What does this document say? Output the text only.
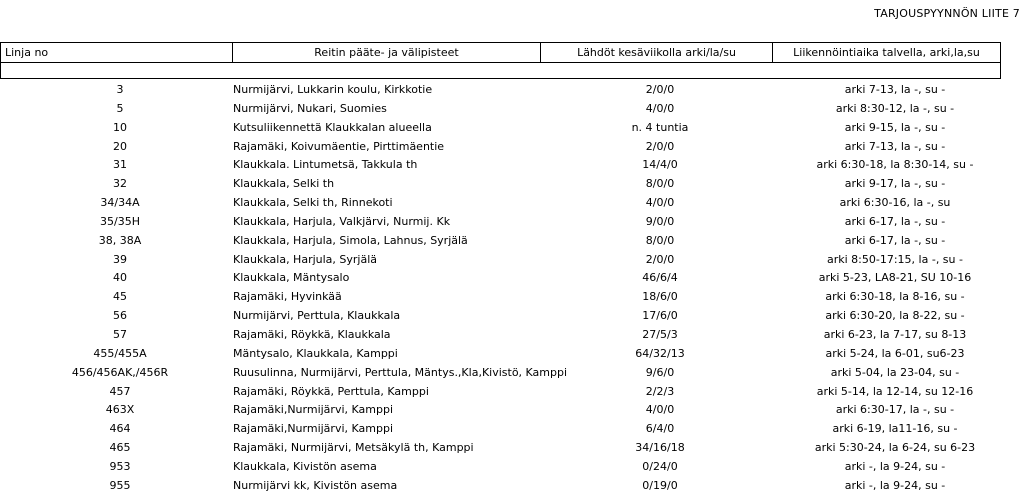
TARJOUSPYYNNÖN LIITE 7
Linja no	Reitin pääte- ja välipisteet	Lähdöt kesäviikolla arki/la/su	Liikennöintiaika talvella, arki,la,su

3	Nurmijärvi, Lukkarin koulu, Kirkkotie	2/0/0	arki 7-13, la -, su -
5	Nurmijärvi, Nukari, Suomies	4/0/0	arki 8:30-12, la -, su -
10	Kutsuliikennettä Klaukkalan alueella	n. 4 tuntia	arki 9-15, la -, su -
20	Rajamäki, Koivumäentie, Pirttimäentie	2/0/0	arki 7-13, la -, su -
31	Klaukkala. Lintumetsä, Takkula th	14/4/0	arki 6:30-18, la 8:30-14, su -
32	Klaukkala, Selki th	8/0/0	arki 9-17, la -, su -
34/34A	Klaukkala, Selki th, Rinnekoti	4/0/0	arki 6:30-16, la -, su
35/35H	Klaukkala, Harjula, Valkjärvi, Nurmij. Kk	9/0/0	arki 6-17, la -, su -
38, 38A	Klaukkala, Harjula, Simola, Lahnus, Syrjälä	8/0/0	arki 6-17, la -, su -
39	Klaukkala, Harjula, Syrjälä	2/0/0	arki 8:50-17:15, la -, su -
40	Klaukkala, Mäntysalo	46/6/4	arki 5-23, LA8-21, SU 10-16
45	Rajamäki, Hyvinkää	18/6/0	arki 6:30-18, la 8-16, su -
56	Nurmijärvi, Perttula, Klaukkala	17/6/0	arki 6:30-20, la 8-22, su -
57	Rajamäki, Röykkä, Klaukkala	27/5/3	arki 6-23, la 7-17, su 8-13
455/455A	Mäntysalo, Klaukkala, Kamppi	64/32/13	arki 5-24, la 6-01, su6-23
456/456AK,/456R	Ruusulinna, Nurmijärvi, Perttula, Mäntys.,Kla,Kivistö, Kamppi	9/6/0	arki 5-04, la 23-04, su -
457	Rajamäki, Röykkä, Perttula, Kamppi	2/2/3	arki 5-14, la 12-14, su 12-16
463X	Rajamäki,Nurmijärvi, Kamppi	4/0/0	arki 6:30-17, la -, su -
464	Rajamäki,Nurmijärvi, Kamppi	6/4/0	arki 6-19, la11-16, su -
465	Rajamäki, Nurmijärvi, Metsäkylä th, Kamppi	34/16/18	arki 5:30-24, la 6-24, su 6-23
953	Klaukkala, Kivistön asema	0/24/0	arki -, la 9-24, su -
955	Nurmijärvi kk, Kivistön asema	0/19/0	arki -, la 9-24, su -
